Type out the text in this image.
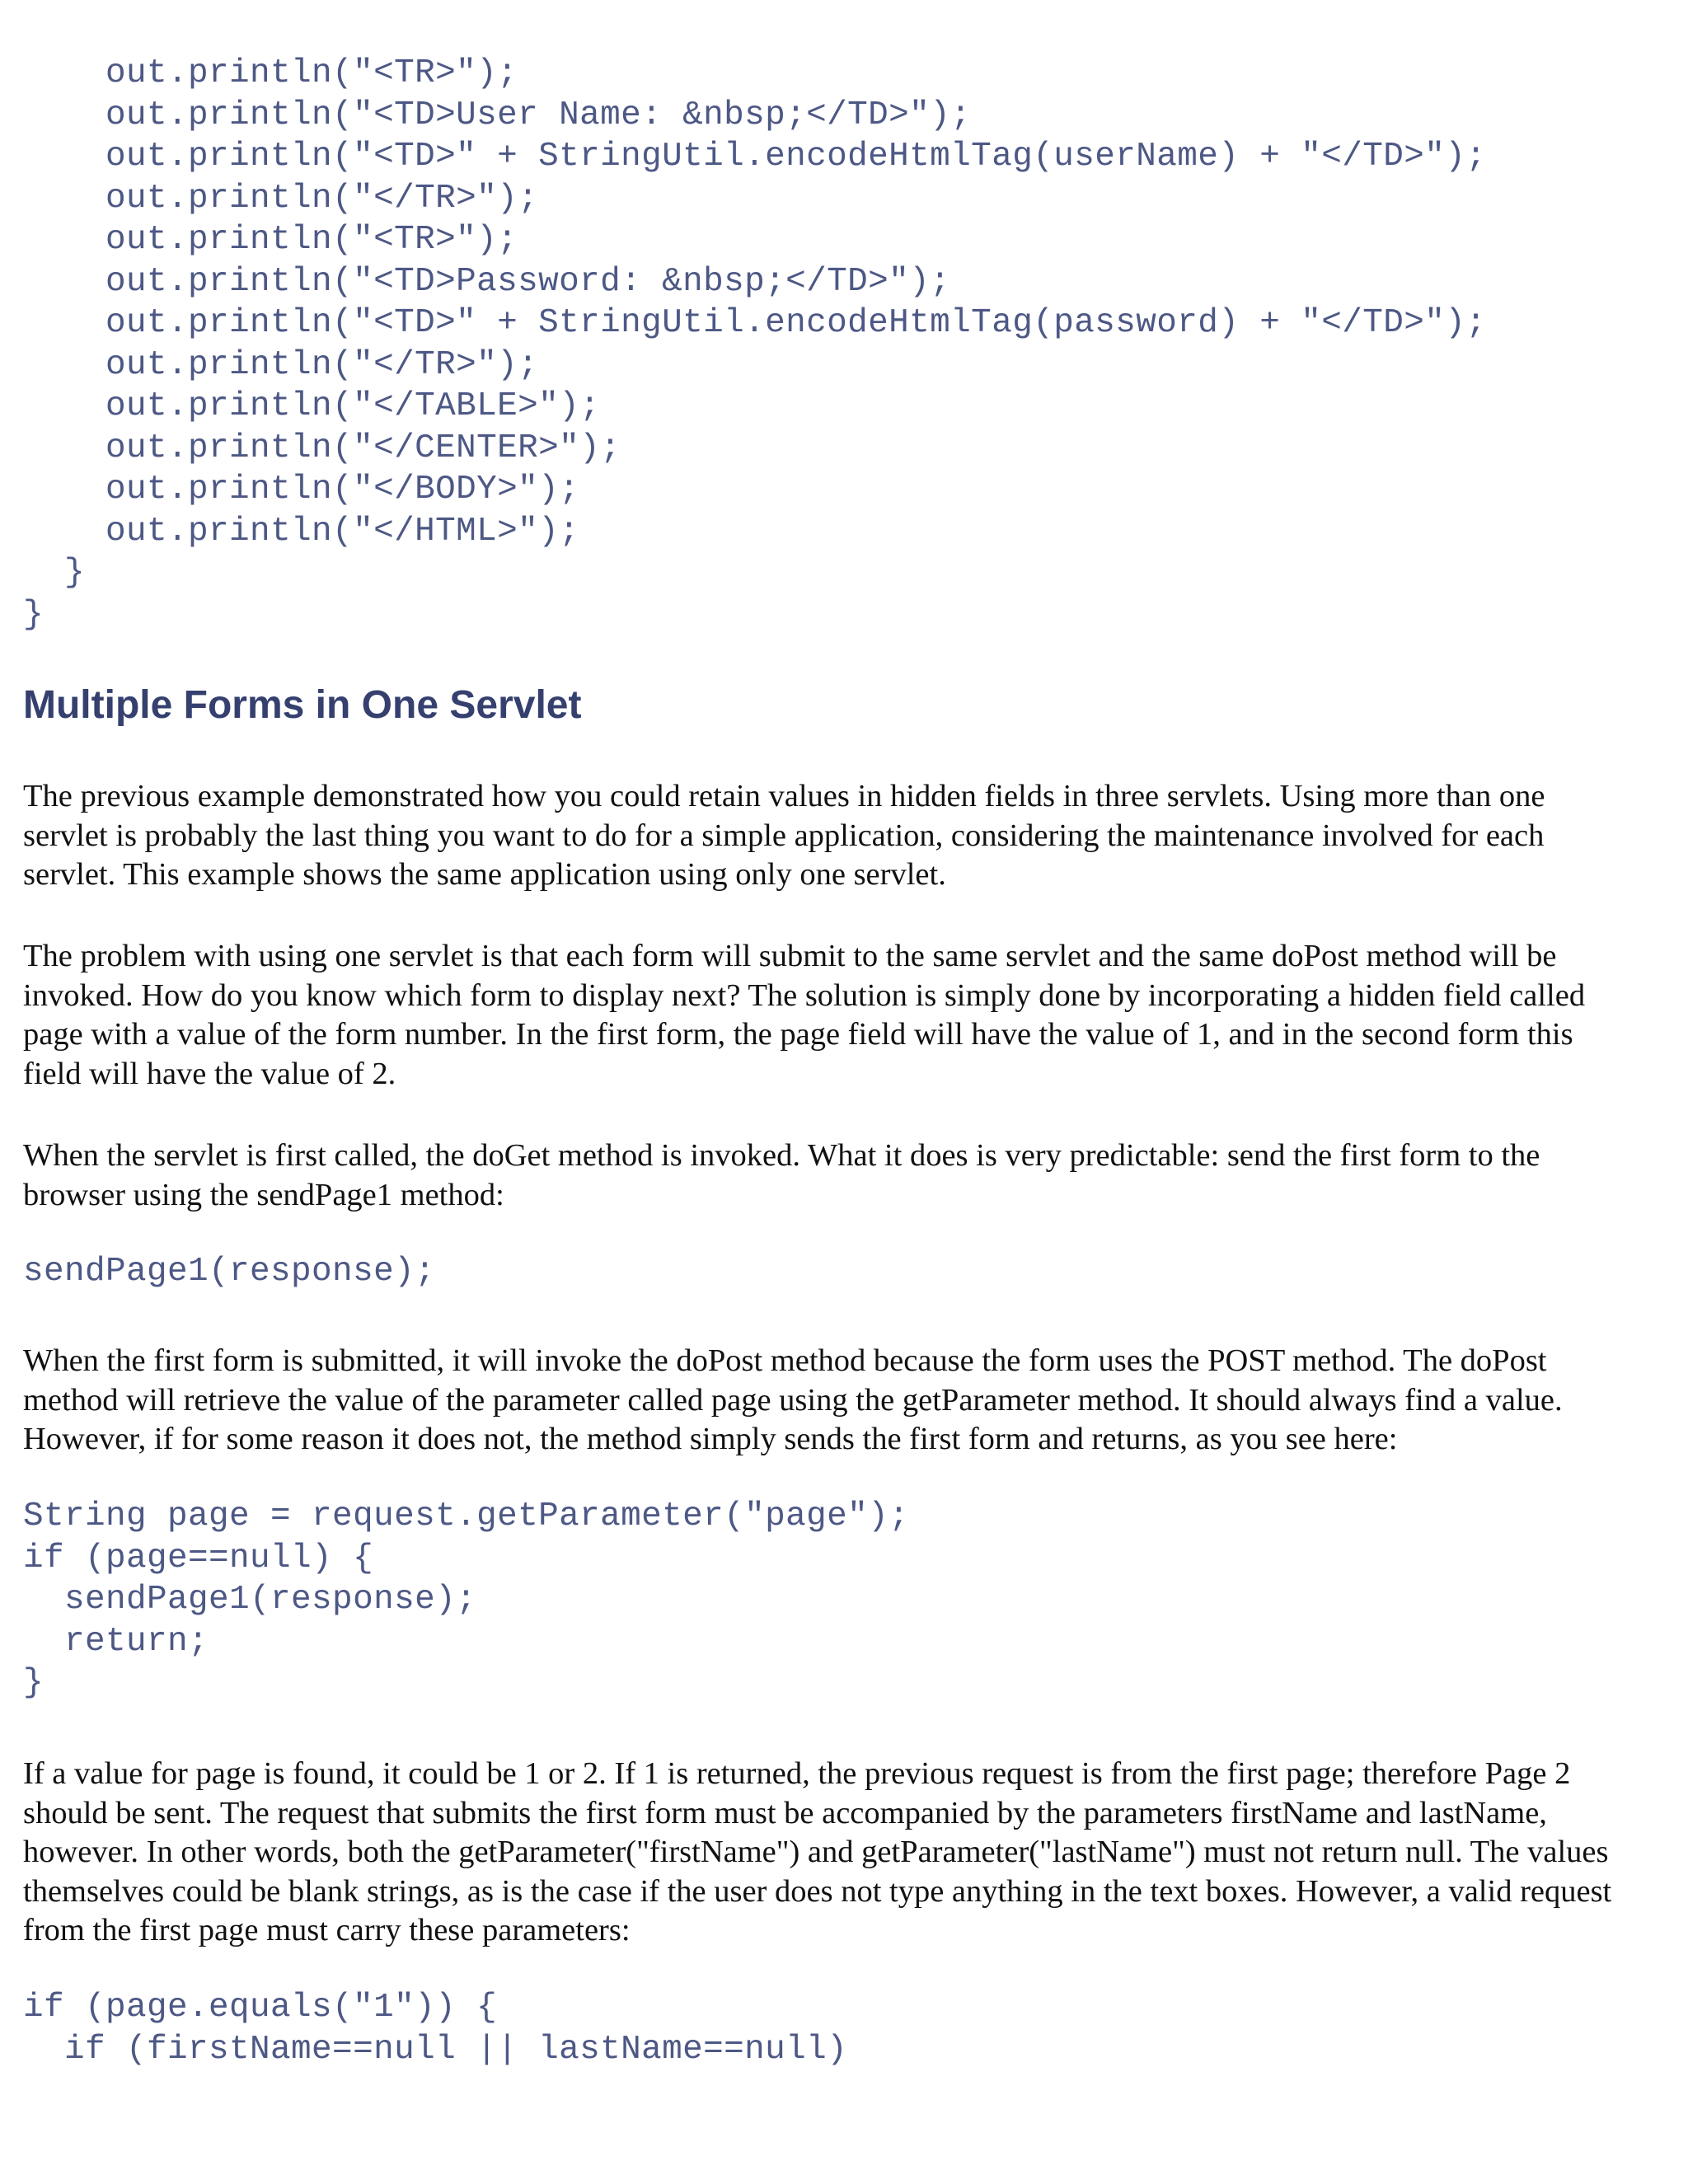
out.println("<TR>");
out.println("<TD>User Name: &nbsp;</TD>");
out.println("<TD>" + StringUtil.encodeHtmlTag(userName) + "</TD>");
out.println("</TR>");
out.println("<TR>");
out.println("<TD>Password: &nbsp;</TD>");
out.println("<TD>" + StringUtil.encodeHtmlTag(password) + "</TD>");
out.println("</TR>");
out.println("</TABLE>");
out.println("</CENTER>");
out.println("</BODY>");
out.println("</HTML>");
}
}
Multiple Forms in One Servlet

The previous example demonstrated how you could retain values in hidden fields in three servlets. Using more than one
servlet is probably the last thing you want to do for a simple application, considering the maintenance involved for each
servlet. This example shows the same application using only one servlet.

The problem with using one servlet is that each form will submit to the same servlet and the same doPost method will be
invoked. How do you know which form to display next? The solution is simply done by incorporating a hidden field called
page with a value of the form number. In the first form, the page field will have the value of 1, and in the second form this
field will have the value of 2.

When the servlet is first called, the doGet method is invoked. What it does is very predictable: send the first form to the
browser using the sendPage1 method:

sendPage1(response);

When the first form is submitted, it will invoke the doPost method because the form uses the POST method. The doPost
method will retrieve the value of the parameter called page using the getParameter method. It should always find a value.
However, if for some reason it does not, the method simply sends the first form and returns, as you see here:

String page = request.getParameter("page");
if (page==null) {
sendPage1(response);
return;
}

If a value for page is found, it could be 1 or 2. If 1 is returned, the previous request is from the first page; therefore Page 2
should be sent. The request that submits the first form must be accompanied by the parameters firstName and lastName,
however. In other words, both the getParameter("firstName") and getParameter("lastName") must not return null. The values
themselves could be blank strings, as is the case if the user does not type anything in the text boxes. However, a valid request
from the first page must carry these parameters:

if (page.equals("1")) {
if (firstName==null || lastName==null)
